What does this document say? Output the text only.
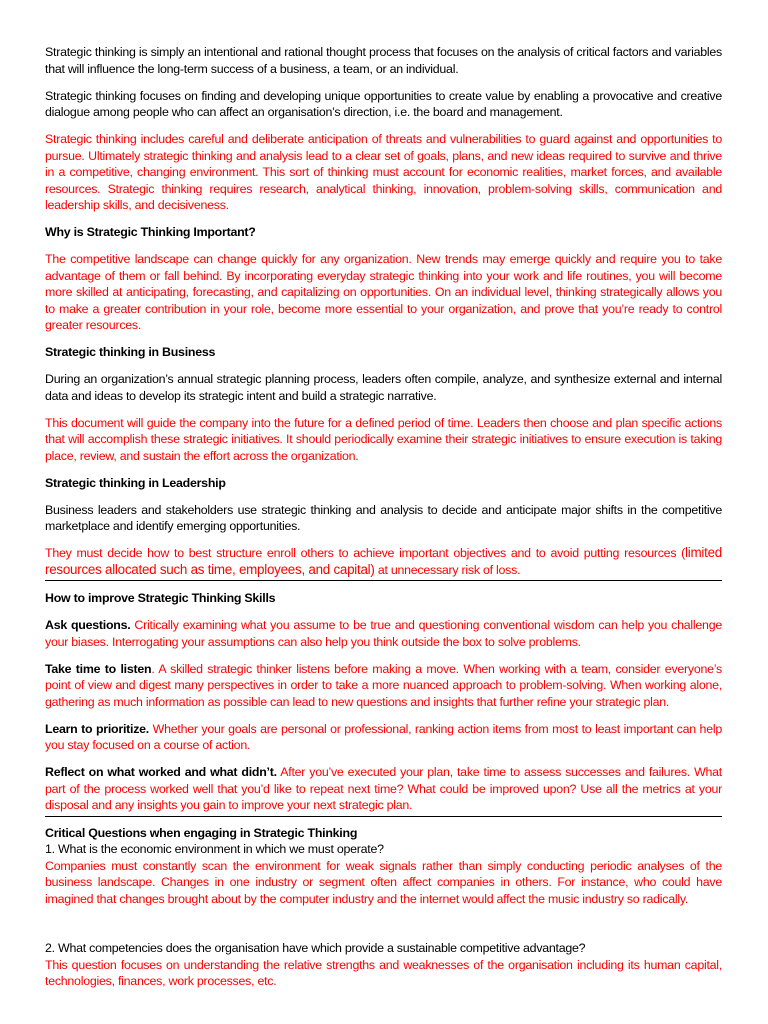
Strategic thinking is simply an intentional and rational thought process that focuses on the analysis of critical factors and variables that will influence the long-term success of a business, a team, or an individual.

Strategic thinking focuses on finding and developing unique opportunities to create value by enabling a provocative and creative dialogue among people who can affect an organisation’s direction, i.e. the board and management.

Strategic thinking includes careful and deliberate anticipation of threats and vulnerabilities to guard against and opportunities to pursue. Ultimately strategic thinking and analysis lead to a clear set of goals, plans, and new ideas required to survive and thrive in a competitive, changing environment. This sort of thinking must account for economic realities, market forces, and available resources. Strategic thinking requires research, analytical thinking, innovation, problem-solving skills, communication and leadership skills, and decisiveness.

Why is Strategic Thinking Important?

The competitive landscape can change quickly for any organization. New trends may emerge quickly and require you to take advantage of them or fall behind. By incorporating everyday strategic thinking into your work and life routines, you will become more skilled at anticipating, forecasting, and capitalizing on opportunities. On an individual level, thinking strategically allows you to make a greater contribution in your role, become more essential to your organization, and prove that you’re ready to control greater resources.

Strategic thinking in Business

During an organization’s annual strategic planning process, leaders often compile, analyze, and synthesize external and internal data and ideas to develop its strategic intent and build a strategic narrative.

This document will guide the company into the future for a defined period of time. Leaders then choose and plan specific actions that will accomplish these strategic initiatives. It should periodically examine their strategic initiatives to ensure execution is taking place, review, and sustain the effort across the organization.

Strategic thinking in Leadership

Business leaders and stakeholders use strategic thinking and analysis to decide and anticipate major shifts in the competitive marketplace and identify emerging opportunities.

They must decide how to best structure enroll others to achieve important objectives and to avoid putting resources (limited resources allocated such as time, employees, and capital) at unnecessary risk of loss.

How to improve Strategic Thinking Skills

Ask questions. Critically examining what you assume to be true and questioning conventional wisdom can help you challenge your biases. Interrogating your assumptions can also help you think outside the box to solve problems.

Take time to listen. A skilled strategic thinker listens before making a move. When working with a team, consider everyone’s point of view and digest many perspectives in order to take a more nuanced approach to problem-solving. When working alone, gathering as much information as possible can lead to new questions and insights that further refine your strategic plan.

Learn to prioritize. Whether your goals are personal or professional, ranking action items from most to least important can help you stay focused on a course of action.

Reflect on what worked and what didn’t. After you’ve executed your plan, take time to assess successes and failures. What part of the process worked well that you’d like to repeat next time? What could be improved upon? Use all the metrics at your disposal and any insights you gain to improve your next strategic plan.

Critical Questions when engaging in Strategic Thinking
1. What is the economic environment in which we must operate?
Companies must constantly scan the environment for weak signals rather than simply conducting periodic analyses of the business landscape. Changes in one industry or segment often affect companies in others. For instance, who could have imagined that changes brought about by the computer industry and the internet would affect the music industry so radically.
2. What competencies does the organisation have which provide a sustainable competitive advantage?
This question focuses on understanding the relative strengths and weaknesses of the organisation including its human capital, technologies, finances, work processes, etc.
